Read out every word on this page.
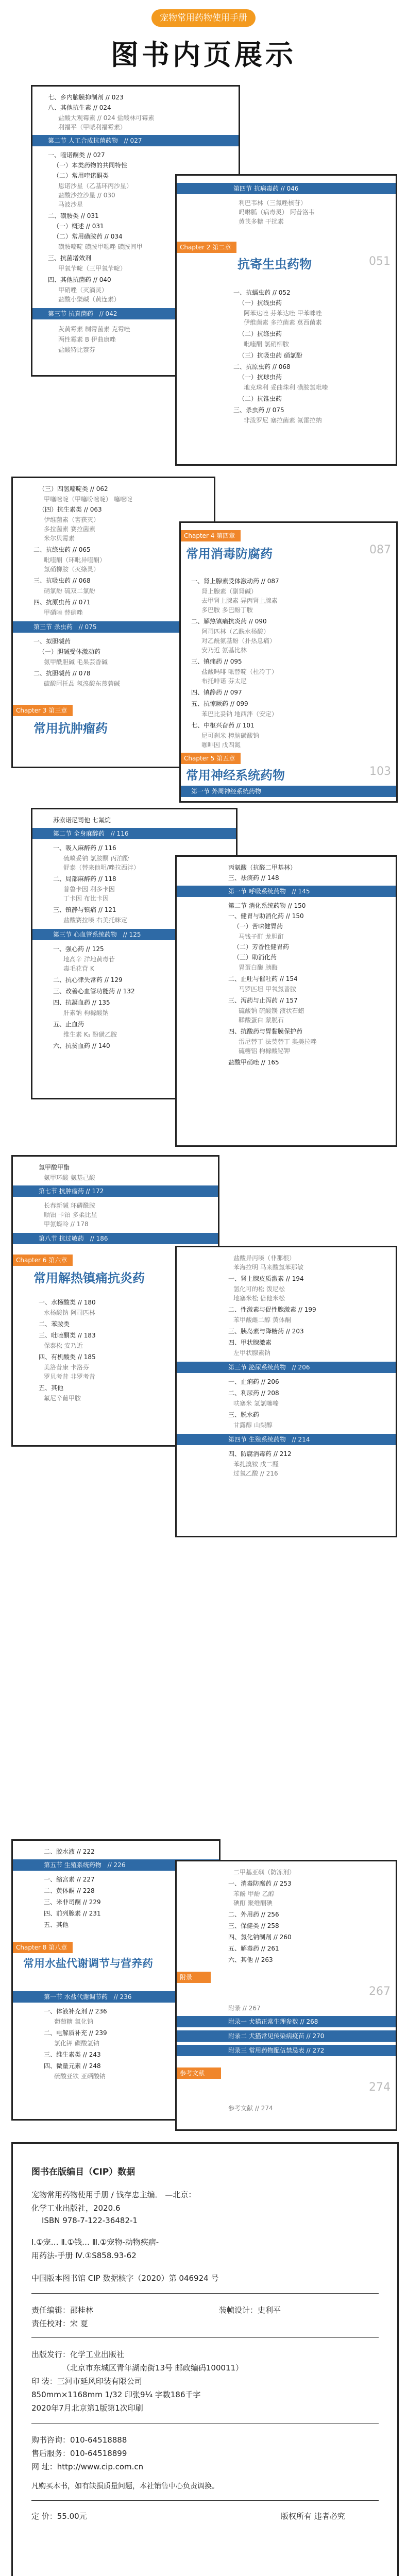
宠物常用药物使用手册
图书内页展示
七、乡内脑膜抑制剂 // 023
八、其他抗生素 // 024
盐酸大观霉素 // 024 盐酸林可霉素
利福平（甲哌利福霉素）
第二节 人工合成抗菌药物 // 027
一、喹诺酮类 // 027
（一）本类药物的共同特性
（二）常用喹诺酮类
恩诺沙星（乙基环丙沙星）
盐酸沙拉沙星 // 030
马波沙星
二、磺胺类 // 031
（一）概述 // 031
（二）常用磺胺药 // 034
磺胺嘧啶 磺胺甲噁唑 磺胺间甲
三、抗菌增效剂
甲氧苄啶（三甲氧苄啶）
四、其他抗菌药 // 040
甲硝唑（灭滴灵）
盐酸小檗碱（黄连素）
第三节 抗真菌药 // 042
灰黄霉素 制霉菌素 克霉唑
两性霉素 B 伊曲康唑
盐酸特比萘芬
第四节 抗病毒药 // 046
利巴韦林（三氮唑核苷）
吗啉胍（病毒灵） 阿昔洛韦
黄芪多糖 干扰素
Chapter 2 第二章
抗寄生虫药物	051
一、抗蠕虫药 // 052
（一）抗线虫药
阿苯达唑 芬苯达唑 甲苯咪唑
伊维菌素 多拉菌素 莫西菌素
（二）抗绦虫药
吡喹酮 氯硝柳胺
（三）抗吸虫药 硝氯酚
二、抗原虫药 // 068
（一）抗球虫药
地克珠利 妥曲珠利 磺胺氯吡嗪
（二）抗锥虫药
三、杀虫药 // 075
非泼罗尼 塞拉菌素 氟雷拉纳
（三）四氢嘧啶类 // 062
甲噻嘧啶（甲噻吩嘧啶） 噻嘧啶
（四）抗生素类 // 063
伊维菌素（害获灭）
多拉菌素 赛拉菌素
米尔贝霉素
二、抗绦虫药 // 065
吡喹酮（环吡异喹酮）
氯硝柳胺（灭绦灵）
三、抗吸虫药 // 068
硝氯酚 硫双二氯酚
四、抗原虫药 // 071
甲硝唑 替硝唑
第三节 杀虫药 // 075
一、拟胆碱药
（一）胆碱受体激动药
氨甲酰胆碱 毛果芸香碱
二、抗胆碱药 // 078
硫酸阿托品 氢溴酸东莨菪碱
Chapter 3 第三章
常用抗肿瘤药
Chapter 4 第四章
常用消毒防腐药	087
一、肾上腺素受体激动药 // 087
肾上腺素（副肾碱）
去甲肾上腺素 异丙肾上腺素
多巴胺 多巴酚丁胺
二、解热镇痛抗炎药 // 090
阿司匹林（乙酰水杨酸）
对乙酰氨基酚（扑热息痛）
安乃近 氨基比林
三、镇痛药 // 095
盐酸吗啡 哌替啶（杜冷丁）
布托啡诺 芬太尼
四、镇静药 // 097
五、抗惊厥药 // 099
苯巴比妥钠 地西泮（安定）
七、中枢兴奋药 // 101
尼可刹米 樟脑磺酸钠
咖啡因 戊四氮
Chapter 5 第五章
常用神经系统药物	103
第一节 外周神经系统药物
苏索诺尼司他 七氟烷
第二节 全身麻醉药 // 116
一、吸入麻醉药 // 116
硫喷妥钠 氯胺酮 丙泊酚
舒泰（替来他明/唑拉西泮）
二、局部麻醉药 // 118
普鲁卡因 利多卡因
丁卡因 布比卡因
三、镇静与镇痛 // 121
盐酸赛拉嗪 右美托咪定
第三节 心血管系统药物 // 125
一、强心药 // 125
地高辛 洋地黄毒苷
毒毛花苷 K
二、抗心律失常药 // 129
三、改善心血管功能药 // 132
四、抗凝血药 // 135
肝素钠 枸橼酸钠
五、止血药
维生素 K₁ 酚磺乙胺
六、抗贫血药 // 140
丙氨酸（抗醛二甲基林）
三、祛痰药 // 148
第一节 呼吸系统药物 // 145
第二节 消化系统药物 // 150
一、健胃与助消化药 // 150
（一）苦味健胃药
马钱子酊 龙胆酊
（二）芳香性健胃药
（三）助消化药
胃蛋白酶 胰酶
二、止吐与催吐药 // 154
马罗匹坦 甲氧氯普胺
三、泻药与止泻药 // 157
硫酸钠 硫酸镁 液状石蜡
鞣酸蛋白 蒙脱石
四、抗酸药与胃黏膜保护药
雷尼替丁 法莫替丁 奥美拉唑
硫糖铝 枸橼酸铋钾
盐酸甲硝唑 // 165
氯甲酸甲酯
氨甲环酸 氨基己酸
第七节 抗肿瘤药 // 172
长春新碱 环磷酰胺
顺铂 卡铂 多柔比星
甲氨蝶呤 // 178
第八节 抗过敏药 // 186
Chapter 6 第六章
常用解热镇痛抗炎药
一、水杨酸类 // 180
水杨酸钠 阿司匹林
二、苯胺类
三、吡唑酮类 // 183
保泰松 安乃近
四、有机酸类 // 185
美洛昔康 卡洛芬
罗贝考昔 非罗考昔
五、其他
氟尼辛葡甲胺
盐酸异丙嗪（非那根）
苯海拉明 马来酸氯苯那敏
一、肾上腺皮质激素 // 194
氢化可的松 泼尼松
地塞米松 倍他米松
二、性激素与促性腺激素 // 199
苯甲酸雌二醇 黄体酮
三、胰岛素与降糖药 // 203
四、甲状腺激素
左甲状腺素钠
第三节 泌尿系统药物 // 206
一、止痢药 // 206
二、利尿药 // 208
呋塞米 氢氯噻嗪
三、脱水药
甘露醇 山梨醇
第四节 生殖系统药物 // 214
四、防腐消毒药 // 212
苯扎溴铵 戊二醛
过氧乙酸 // 216
二、胶水液 // 222
第五节 生殖系统药物 // 226
一、缩宫素 // 227
二、黄体酮 // 228
三、米非司酮 // 229
四、前列腺素 // 231
五、其他
Chapter 8 第八章
常用水盐代谢调节与营养药
第一节 水盐代谢调节药 // 236
一、体液补充剂 // 236
葡萄糖 氯化钠
二、电解质补充 // 239
氯化钾 碳酸氢钠
三、维生素类 // 243
四、微量元素 // 248
硫酸亚铁 亚硒酸钠
二甲基亚砜（防冻剂）
一、消毒防腐药 // 253
苯酚 甲酚 乙醇
碘酊 聚维酮碘
二、外用药 // 256
三、保健类 // 258
四、氯化钠制剂 // 260
五、解毒药 // 261
六、其他 // 263
附录
267
附录 // 267
附录一 犬猫正常生理参数 // 268
附录二 犬猫常见传染病疫苗 // 270
附录三 常用药物配伍禁忌表 // 272
参考文献
274
参考文献 // 274
图书在版编目（CIP）数据
宠物常用药物使用手册 / 钱存忠主编． —北京：
化学工业出版社，2020.6
ISBN 978-7-122-36482-1
Ⅰ.①宠… Ⅱ.①钱… Ⅲ.①宠物-动物疾病-
用药法-手册 Ⅳ.①S858.93-62
中国版本图书馆 CIP 数据核字（2020）第 046924 号
责任编辑：邵桂林	装帧设计：史利平
责任校对：宋 夏
出版发行：化学工业出版社
（北京市东城区青年湖南街13号 邮政编码100011）
印 装：三河市延风印装有限公司
850mm×1168mm 1/32 印张9¼ 字数186千字
2020年7月北京第1版第1次印刷
购书咨询：010-64518888
售后服务：010-64518899
网 址：http://www.cip.com.cn
凡购买本书，如有缺损质量问题，本社销售中心负责调换。
定 价：55.00元	版权所有 违者必究
